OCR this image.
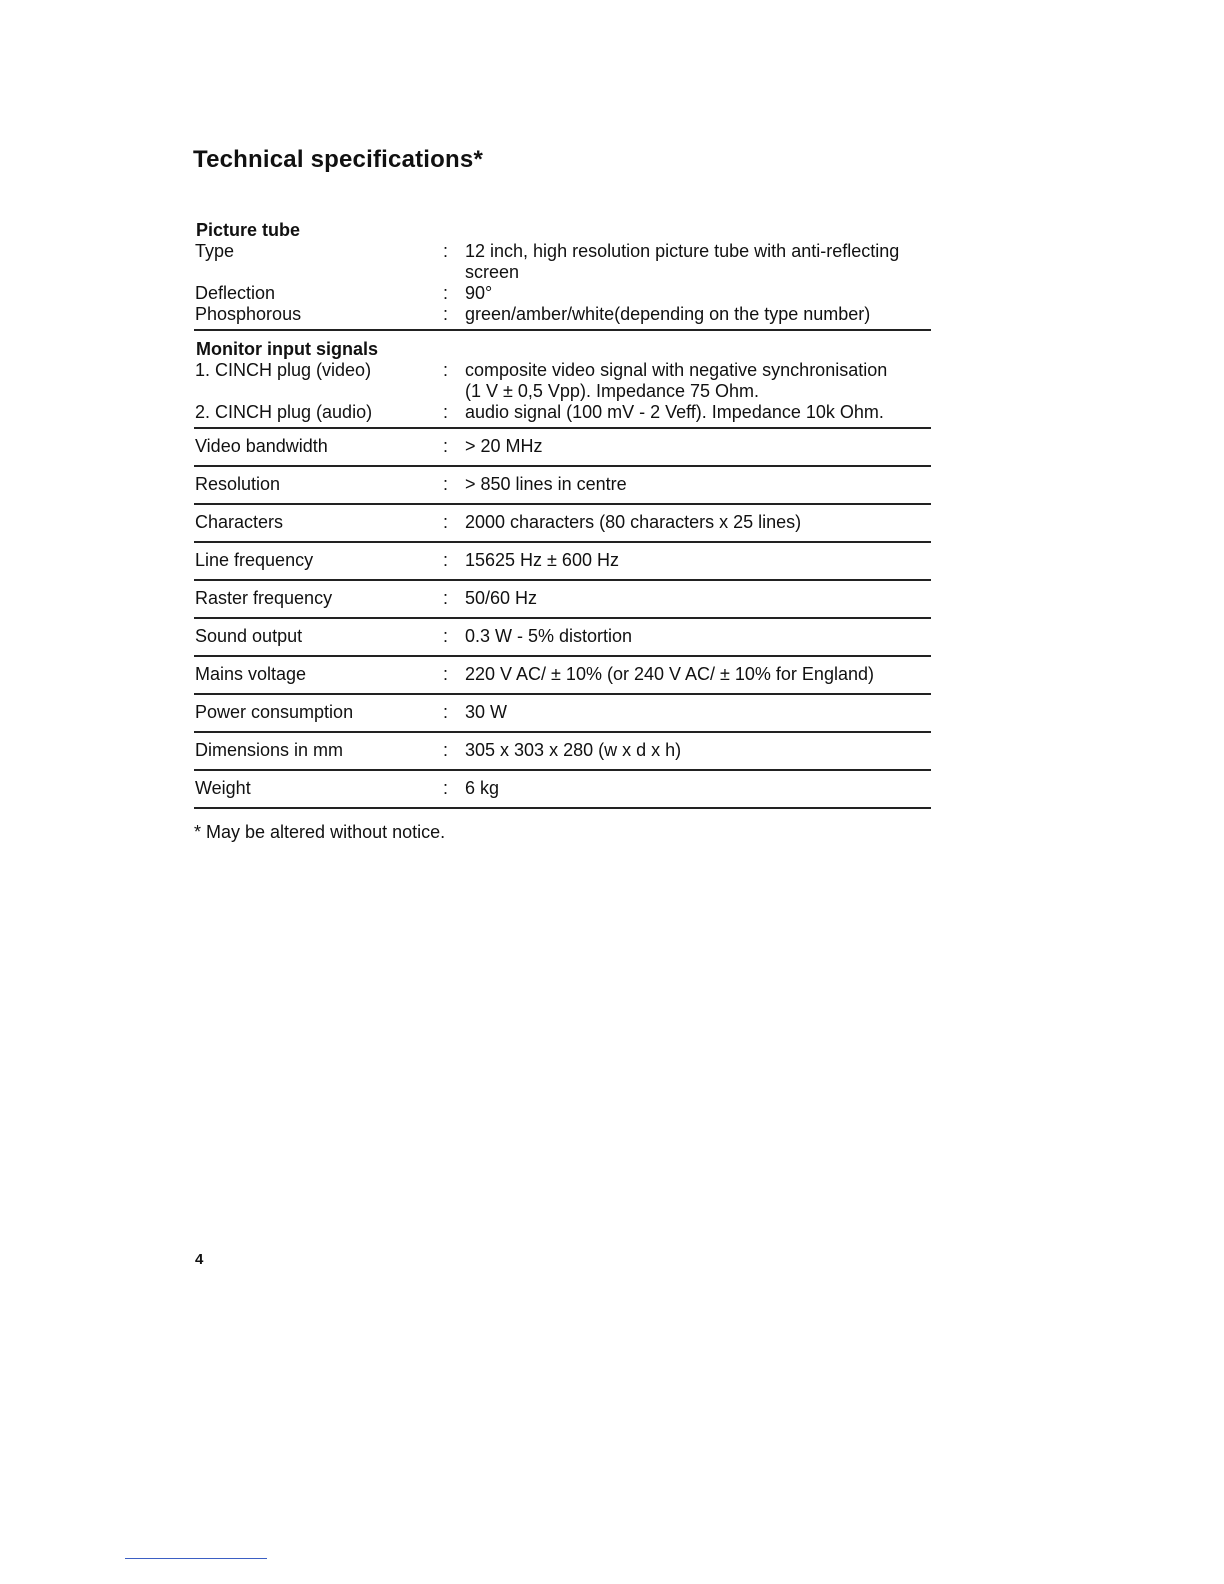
Technical specifications*
Picture tube
Type	: 12 inch, high resolution picture tube with anti-reflecting
screen
Deflection	: 90°
Phosphorous	: green/amber/white(depending on the type number)
Monitor input signals
1. CINCH plug (video)	: composite video signal with negative synchronisation
(1 V ± 0,5 Vpp). Impedance 75 Ohm.
2. CINCH plug (audio)	: audio signal (100 mV - 2 Veff). Impedance 10k Ohm.
Video bandwidth	: > 20 MHz
Resolution	: > 850 lines in centre
Characters	: 2000 characters (80 characters x 25 lines)
Line frequency	: 15625 Hz ± 600 Hz
Raster frequency	: 50/60 Hz
Sound output	: 0.3 W - 5% distortion
Mains voltage	: 220 V AC/ ± 10% (or 240 V AC/ ± 10% for England)
Power consumption	: 30 W
Dimensions in mm	: 305 x 303 x 280 (w x d x h)
Weight	: 6 kg
* May be altered without notice.
4
